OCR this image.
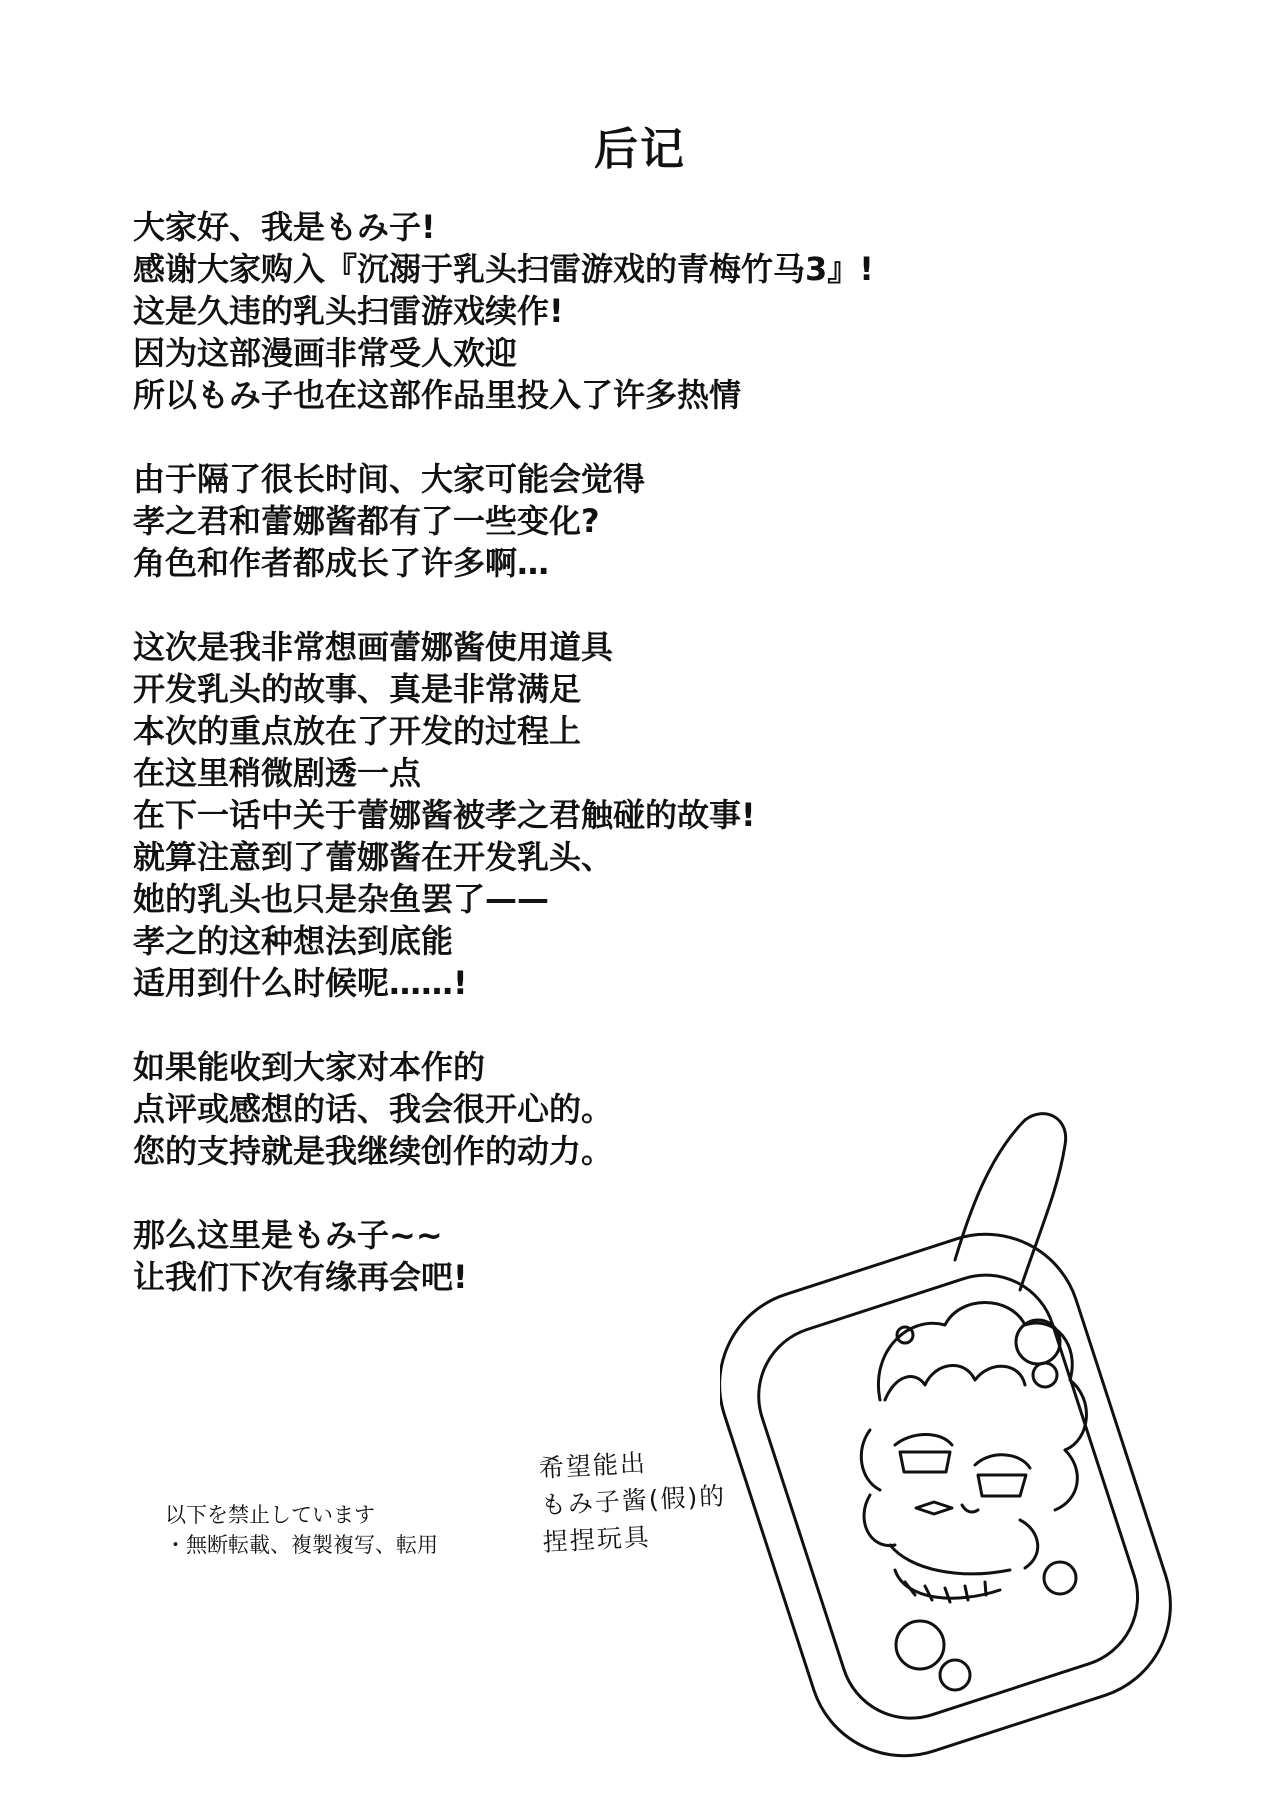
后记
大家好、我是もみ子!
感谢大家购入『沉溺于乳头扫雷游戏的青梅竹马3』!
这是久违的乳头扫雷游戏续作!
因为这部漫画非常受人欢迎
所以もみ子也在这部作品里投入了许多热情
由于隔了很长时间、大家可能会觉得
孝之君和蕾娜酱都有了一些变化?
角色和作者都成长了许多啊…
这次是我非常想画蕾娜酱使用道具
开发乳头的故事、真是非常满足
本次的重点放在了开发的过程上
在这里稍微剧透一点
在下一话中关于蕾娜酱被孝之君触碰的故事!
就算注意到了蕾娜酱在开发乳头、
她的乳头也只是杂鱼罢了——
孝之的这种想法到底能
适用到什么时候呢……!
如果能收到大家对本作的
点评或感想的话、我会很开心的。
您的支持就是我继续创作的动力。
那么这里是もみ子~~
让我们下次有缘再会吧!
希望能出
もみ子酱(假)的
捏捏玩具
以下を禁止しています
・無断転載、複製複写、転用
